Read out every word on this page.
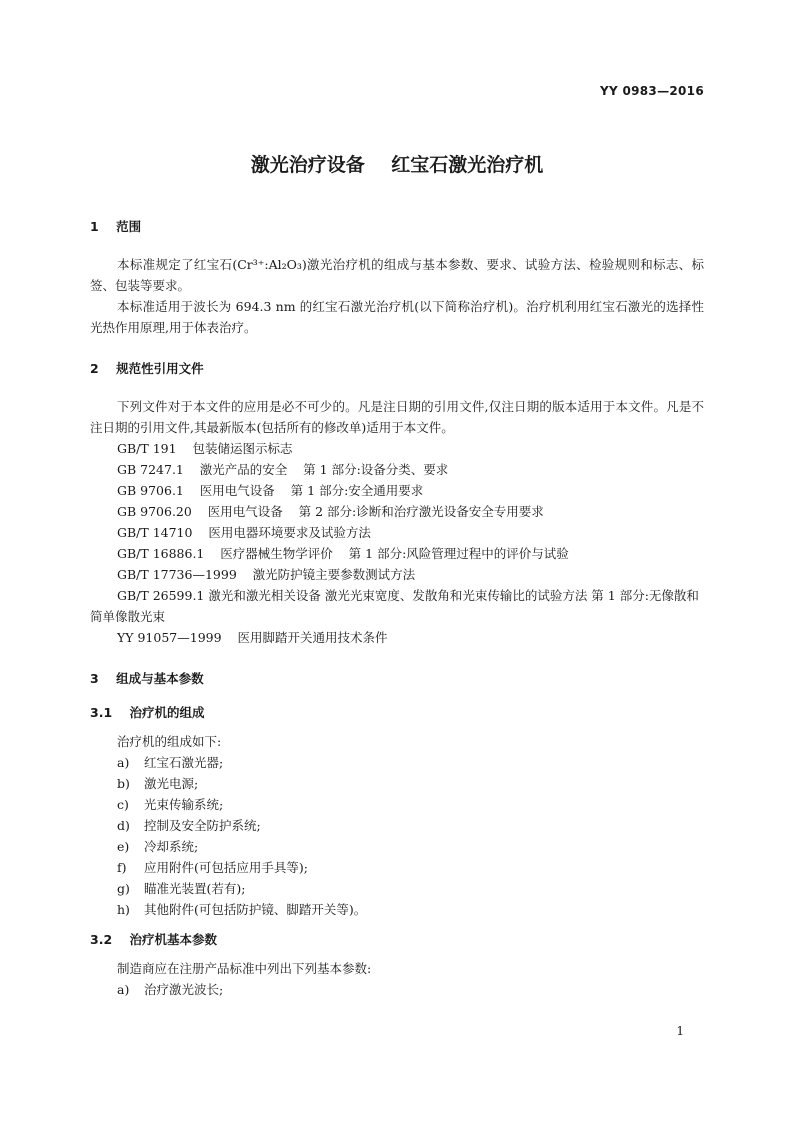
YY 0983—2016
激光治疗设备    红宝石激光治疗机
1    范围

本标准规定了红宝石(Cr³⁺:Al₂O₃)激光治疗机的组成与基本参数、要求、试验方法、检验规则和标志、标签、包装等要求。

本标准适用于波长为 694.3 nm 的红宝石激光治疗机(以下简称治疗机)。治疗机利用红宝石激光的选择性光热作用原理,用于体表治疗。

2    规范性引用文件

下列文件对于本文件的应用是必不可少的。凡是注日期的引用文件,仅注日期的版本适用于本文件。凡是不注日期的引用文件,其最新版本(包括所有的修改单)适用于本文件。

GB/T 191    包装储运图示标志

GB 7247.1    激光产品的安全    第 1 部分:设备分类、要求

GB 9706.1    医用电气设备    第 1 部分:安全通用要求

GB 9706.20    医用电气设备    第 2 部分:诊断和治疗激光设备安全专用要求

GB/T 14710    医用电器环境要求及试验方法

GB/T 16886.1    医疗器械生物学评价    第 1 部分:风险管理过程中的评价与试验

GB/T 17736—1999    激光防护镜主要参数测试方法

GB/T 26599.1 激光和激光相关设备 激光光束宽度、发散角和光束传输比的试验方法 第 1 部分:无像散和简单像散光束

YY 91057—1999    医用脚踏开关通用技术条件

3    组成与基本参数
3.1    治疗机的组成

治疗机的组成如下:

a) 红宝石激光器;

b) 激光电源;

c) 光束传输系统;

d) 控制及安全防护系统;

e) 冷却系统;

f) 应用附件(可包括应用手具等);

g) 瞄准光装置(若有);

h) 其他附件(可包括防护镜、脚踏开关等)。

3.2    治疗机基本参数

制造商应在注册产品标准中列出下列基本参数:

a) 治疗激光波长;

1
